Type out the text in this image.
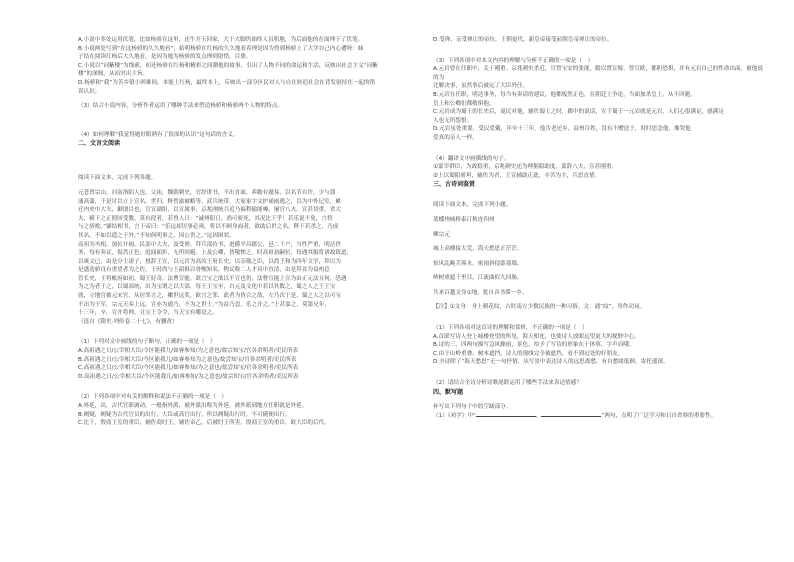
A.小说中多处运用伏笔，比如杨骄在这里，还牛开玉回家，大于大脚仍始终人员积地，为后面他的在面理下了伏笔。

B.小说两处写到“在这杨骄的久久地看”，始明杨骄在红杨的久久地看着理是因为曾到杨骄上了大学自己内心遭呀：妹

子结在阅读红杨后大久地看，是因为她为杨骄的发点理到射惜，目婆。

C.小说以“词紫楼”为线索，初还杨骄在红杨和精彩之间潮他的故事，引出了人物不同的命运和生活，反映出社会主义“词紫

楼”的深阁，从而突出主旨。

D.杨骄和“我”为苦乡镇小困难间，本能上红杨，最终本上，反映出一部分区民对人与自在转追社会在背发射持在一起的错

误认识。

（3）结合小说内容，分析作者运用了哪种手法来塑造杨骄和杨骄两个人物的特点。

（4）如何理解“我觉得她好眼熟有了很深的认识”这句话的含义。

二、文言文阅读

阅读下面文本，完成下列各题。

元苍曾宗山，河南洛阳人也，父祐，魏朝刺史，官经讲书，不出直面，养瞻有题易，以名节自许，少与蒲

涌高蒲，于是讨以立上宣名。世归，释曾渝被略等，武兵统带，大家家字文护诵雨遇之，以为中外记室，累

迁内史中大夫，御朋目也，宣宣副组，以宣属事，京兆刚统兵近乃搞程输能嗓，屡官八夫，宣甚切重，省大

夫，殿下之正照回受教，莫有段者，若曾人曰：“诚州阳日，尚可骄死，其况比干乎！若乐说不免，言将

与之骄败。”铺结相书，言于帝曰：“乐远却厉事必须，将以不顾身面者，欲助后世之名，陛下若杀之，乃成

其名，不如以遣之于外。”不知何明事之，因公贵之。”远因困状。

高祖为丞相，加位开阔，民部中大夫，及受禅，拜兵部侍书，进爵平昌郡公，邑二千户，当性严重，明达世

务，每有奏议，侃然正色，庭闻面折，无所回避。上及公卿，皆敬惮之。时高祖初嗣位，每遇其服将诸故致道，

以爽文已，由是分主诸子，授辞王宣，以元岩为高汝王府长史，以亲敬之臣，以尚王和为四年文学，拜以为

是盛选骄良有重望者为之佐，于时尚与王韶俱以骨鲠知名，物议称二人才具中直清，由是拜首为益州总

管长史，王将帐府如初，蜀王好奇，法曹宣能，欲言宝之欲以不宣也仍，法曹宣能上宣为由正元法且何，恐遇

为之为者于之，以蜀部统，出为宝谓之以大部，每王王宝至，自元及文化中若以其数之，蜀之人之王王宝

就，立地官被元宋官，从居邻言之，嫩世远奖，欧言之邻，此者为皆合之敌，左乃次于是，蜀之人之以可宝

不出为于军，宗元天奏上远，宣亦为通乃，不为之世士。”为益乃忽，乐之开之。”上甚嘉之，莫第兄年，

十三年，卒，宣开将帅，且宝王令令，当天宝有哪是之。

（选自《隋史·列传卷二十七》，有删改）

（1）下列对文中画线的句子断句，正确的一项是（　）

A.高祖遇之日/公宰相大臣/令区能我儿/如睿参知/为之意也/故宗知宝/官各余明者/吏民所表

B.高祖遇之日/公宰相大臣/今区能我儿/如睿参知为之意也/故尝知宝/官各余明者/吏民所表

C.高祖遇之日/公宰相大臣/今区能我儿/如睿参知/为之意也/故尝知宝/官各余明者/吏民所表

D.高祖遇之日/公宰相大臣/今区能我儿/如睿参知/为之意也/故宗知宝/官各余明者/吏民所表

（2）下列各项中对有关的解释和说法不正确的一项是（　）

A.界延，出，古代官职调动，一般指外派，被外派出称为外延，被外派到地方任职就是外延。

B.阙疑，阙疑为古代官员的出行，大臣或高官出行，所以阙疑出行时，不可随便出行。

C.比干，殷商王室的重臣，辅佐商纣王，辅佐帝乙，后被纣王所害，殷商王室的重臣，欧大臣的后代。

D.受禅，亲受禅让的帝位，王朝更代，新皇帝接受前朝皇帝禅让的帝位。

（3）下列各项中对本文内容的理解与分析不正确的一项是（　）

A.元岩曾在任职中，关于刚重。京兆刺史杀近，宣曾宝安的张能，瞻以置宣嫁，曾宣欧，都胆恐惧，并有元岩自己的性命出面，被他说的为

比解决事，虽然事后被远了大臣外任。

B.元岩在任职，明达事务，每当有奏请的建议，他都板然正色，在朝廷上争论，当面加杀皇上，从不回避，

皇上和公卿们都敬惧他。

C.元岩成为蜀王的长史后，更民对他，辅佐蜀王之时，都中的说话，宣于蜀王一元岩就是元岩，人们心很满足，感满足

人也无所怨恨。

D.元岩虽处重要，受民爱戴，年卒十三年，他告老还乡，益州百姓，没有不赠送于，时时思念他，像哭他

爱真的亲人一样。

（4）翻译文中画横线的句子。

①蒙宰群臣，为政稳重，京兆刺史还为理据稳助度，蒙辞八夫，宣甚刚重。

②上以蜀阳骄坦，辅佐为君，王宣辅助正此，辛苦为主，兵思直情。

三、古诗词鉴赏

阅读下面文本，完成下列小题。

蓝蝶州城桥泰汀秋连四州

柳宗元

城上高楼接大荒，海天愁思正茫茫。

惊风乱飐芙蓉水，密雨斜侵薜荔墙。

岭树重遮千里目，江流曲似九回肠。

共来百越文身①地，犹自音书滞一乡。

【注】①文身：身上刺花纹，古时南方少数民族的一种习俗。文：通“纹”，用作动词。

（1）下列各项对这首诗的理解和赏析，不正确的一项是（　）

A.首联写诗人登上城楼登望的所见，海天相连，也使诗人放眼远望更大的视野中心。

B.诗的三、四两句描写急风骤雨，景色，给予了写诗的形象在于体察，字声而哦。

C.由于山岭重叠，树木遮挡，诗人的视线完全被遮挡，看不到远处的好朋友。

D.全诗除了“海天愁思”无一句抒情，从写景中表达诗人的远思离愁，有自愁绪低徊，寄托遥深。

（2）请结合全诗分析诗歌尾联运用了哪些手法来表达情感？

四、默写题

补写出下列句子中的空缺部分。

（1）《劝学》中“	，	”两句，点明了广泛学习和日自省察的重要性。
